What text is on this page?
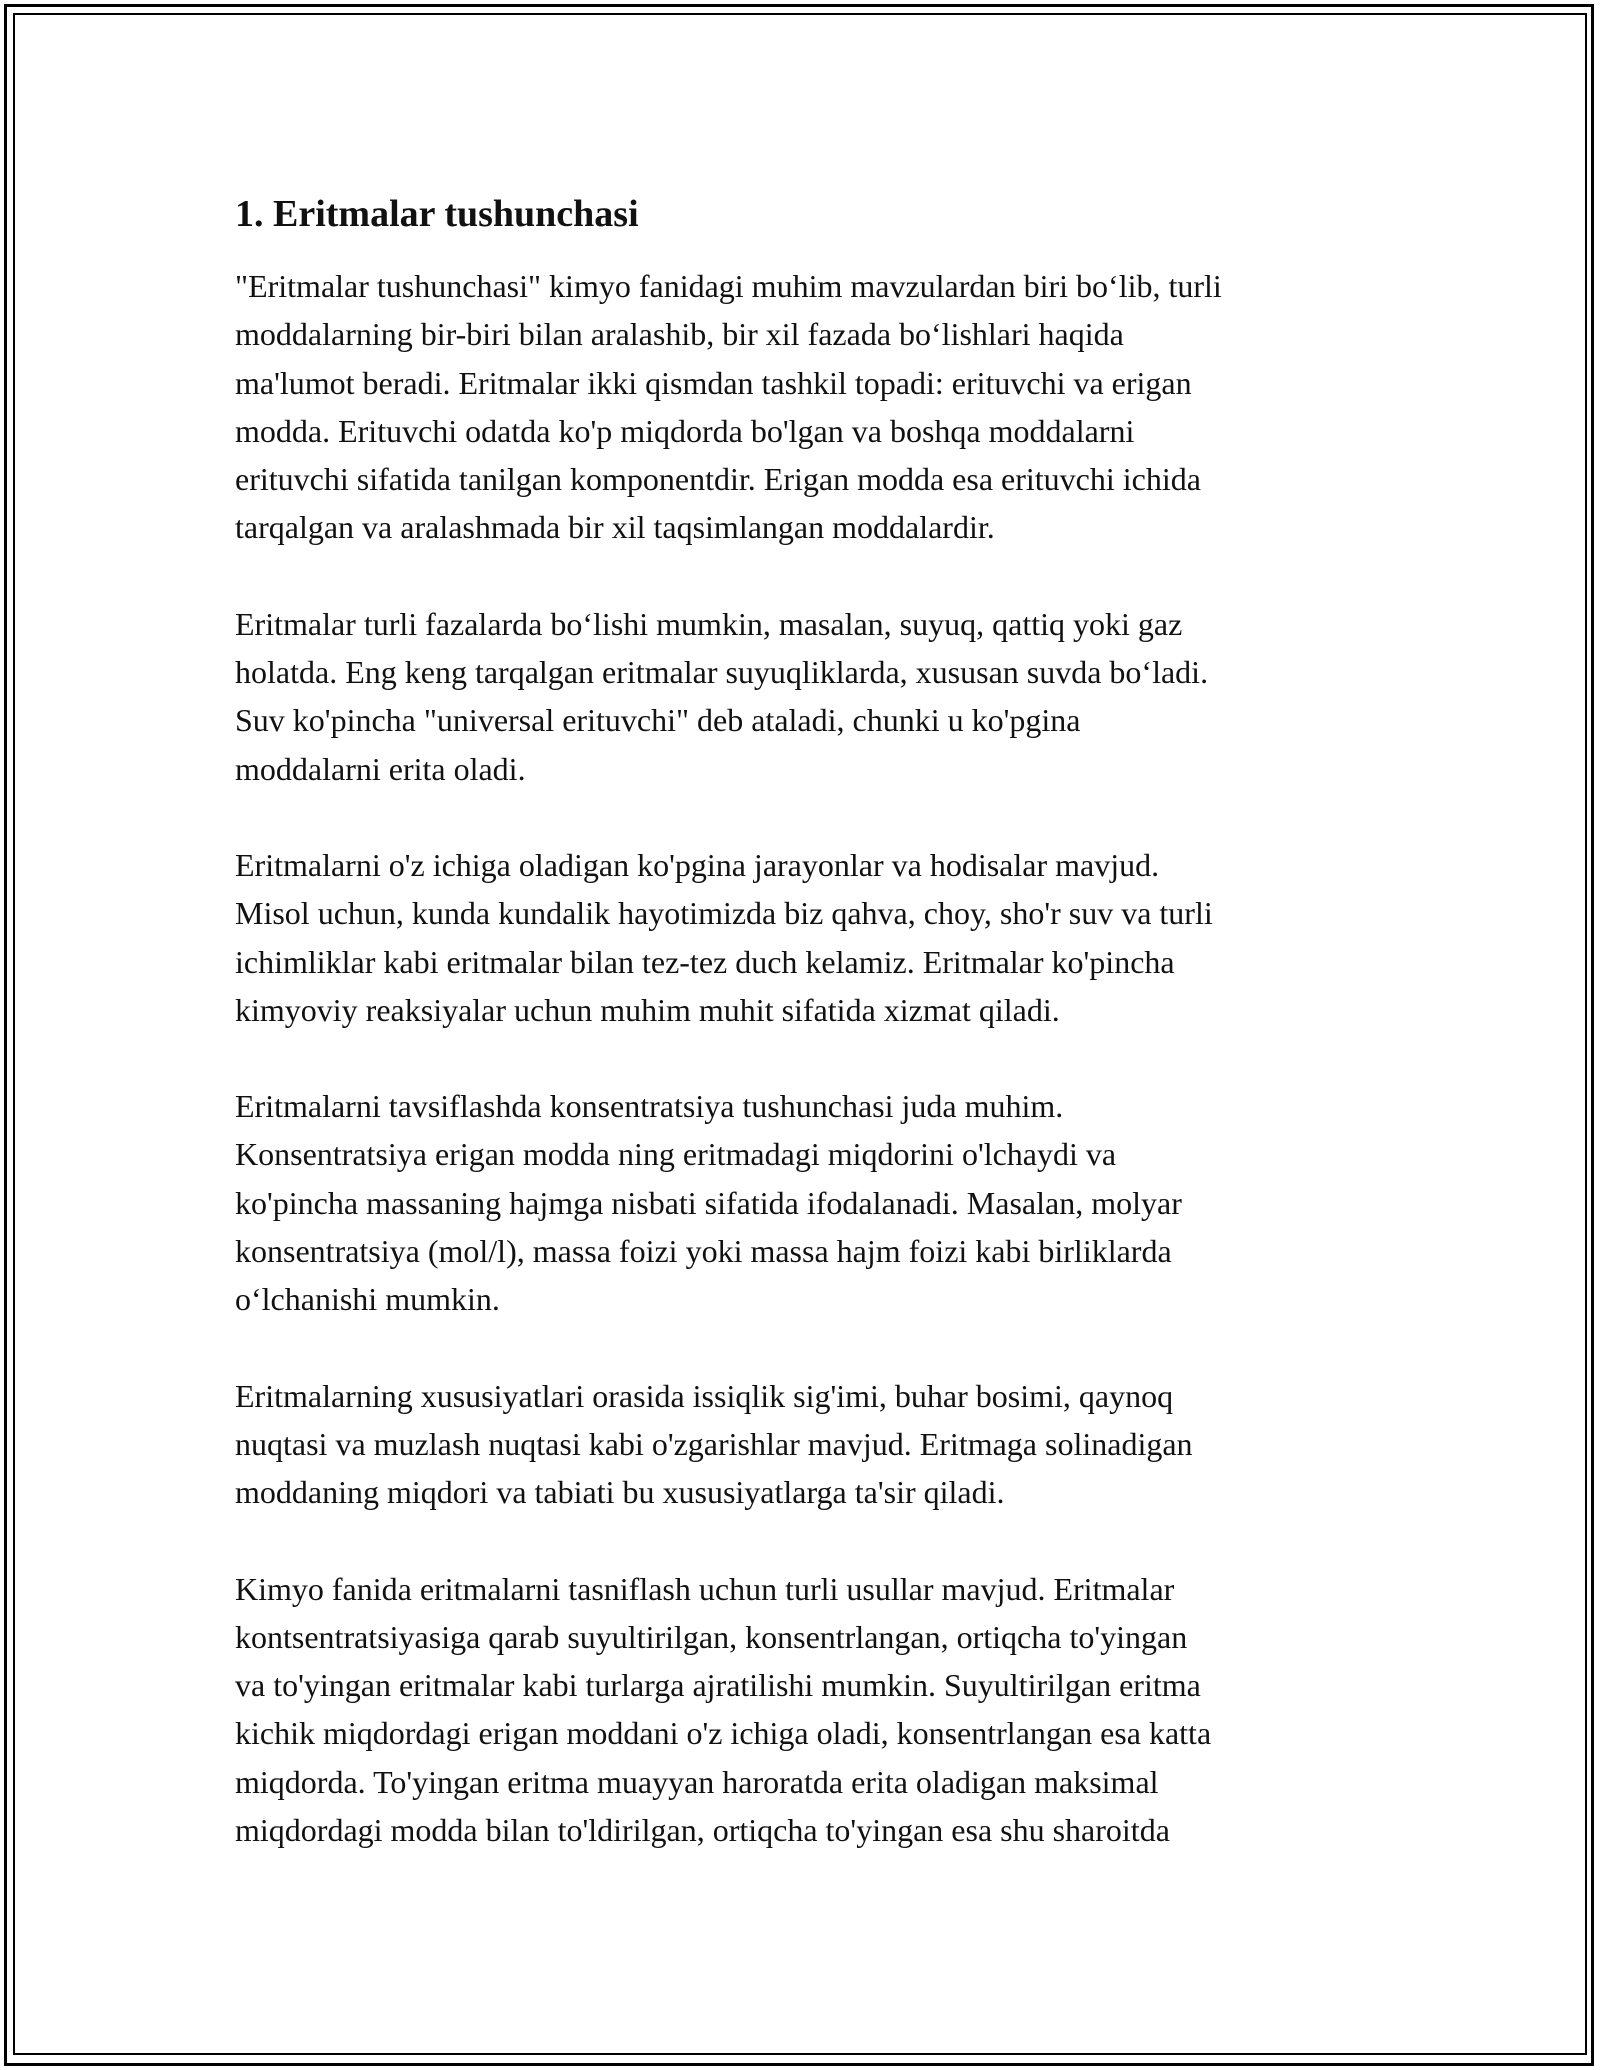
1. Eritmalar tushunchasi

"Eritmalar tushunchasi" kimyo fanidagi muhim mavzulardan biri bo‘lib, turli
moddalarning bir-biri bilan aralashib, bir xil fazada bo‘lishlari haqida
ma'lumot beradi. Eritmalar ikki qismdan tashkil topadi: erituvchi va erigan
modda. Erituvchi odatda ko'p miqdorda bo'lgan va boshqa moddalarni
erituvchi sifatida tanilgan komponentdir. Erigan modda esa erituvchi ichida
tarqalgan va aralashmada bir xil taqsimlangan moddalardir.

Eritmalar turli fazalarda bo‘lishi mumkin, masalan, suyuq, qattiq yoki gaz
holatda. Eng keng tarqalgan eritmalar suyuqliklarda, xususan suvda bo‘ladi.
Suv ko'pincha "universal erituvchi" deb ataladi, chunki u ko'pgina
moddalarni erita oladi.

Eritmalarni o'z ichiga oladigan ko'pgina jarayonlar va hodisalar mavjud.
Misol uchun, kunda kundalik hayotimizda biz qahva, choy, sho'r suv va turli
ichimliklar kabi eritmalar bilan tez-tez duch kelamiz. Eritmalar ko'pincha
kimyoviy reaksiyalar uchun muhim muhit sifatida xizmat qiladi.

Eritmalarni tavsiflashda konsentratsiya tushunchasi juda muhim.
Konsentratsiya erigan modda ning eritmadagi miqdorini o'lchaydi va
ko'pincha massaning hajmga nisbati sifatida ifodalanadi. Masalan, molyar
konsentratsiya (mol/l), massa foizi yoki massa hajm foizi kabi birliklarda
o‘lchanishi mumkin.

Eritmalarning xususiyatlari orasida issiqlik sig'imi, buhar bosimi, qaynoq
nuqtasi va muzlash nuqtasi kabi o'zgarishlar mavjud. Eritmaga solinadigan
moddaning miqdori va tabiati bu xususiyatlarga ta'sir qiladi.

Kimyo fanida eritmalarni tasniflash uchun turli usullar mavjud. Eritmalar
kontsentratsiyasiga qarab suyultirilgan, konsentrlangan, ortiqcha to'yingan
va to'yingan eritmalar kabi turlarga ajratilishi mumkin. Suyultirilgan eritma
kichik miqdordagi erigan moddani o'z ichiga oladi, konsentrlangan esa katta
miqdorda. To'yingan eritma muayyan haroratda erita oladigan maksimal
miqdordagi modda bilan to'ldirilgan, ortiqcha to'yingan esa shu sharoitda
